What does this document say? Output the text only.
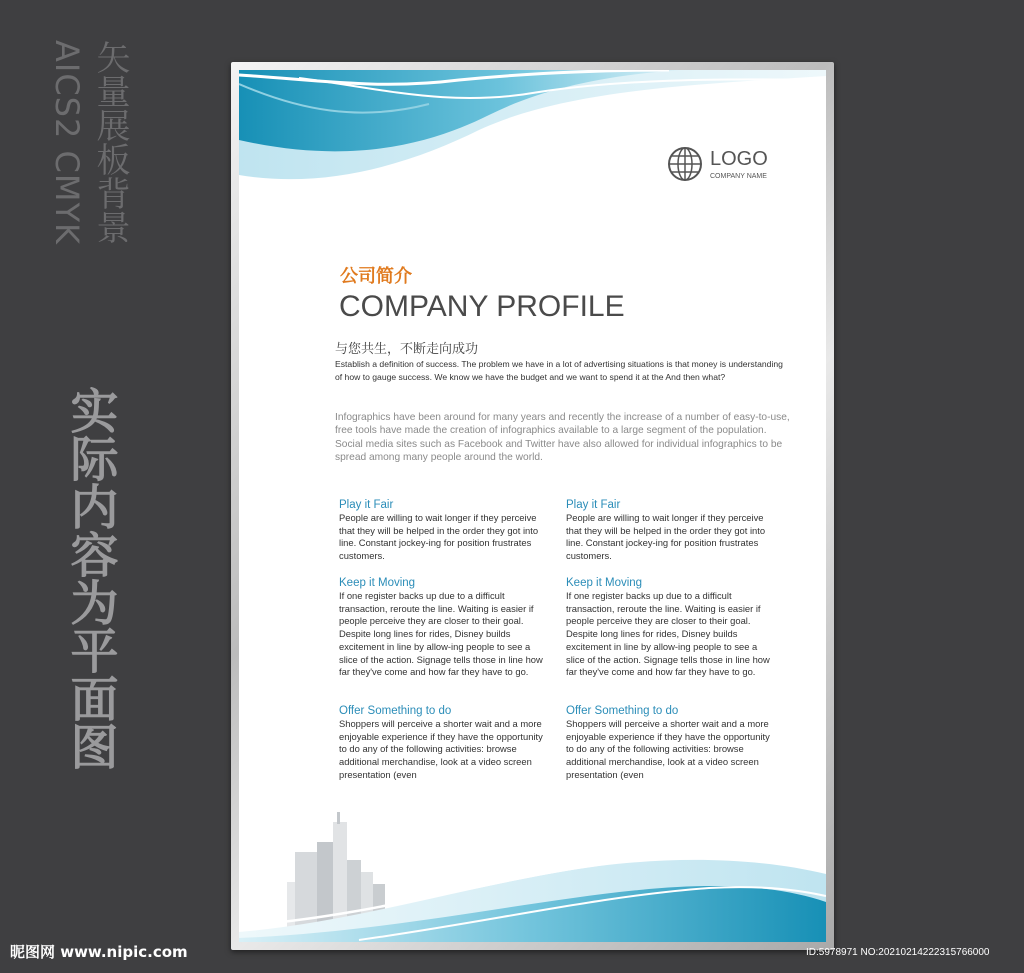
AICS2 CMYK 矢量展板背景
实际内容为平面图
LOGO
COMPANY NAME
公司简介
COMPANY PROFILE
与您共生，不断走向成功
Establish a definition of success. The problem we have in a lot of advertising situations is that money is understanding of how to gauge success. We know we have the budget and we want to spend it at the And then what?
Infographics have been around for many years and recently the increase of a number of easy-to-use, free tools have made the creation of infographics available to a large segment of the population. Social media sites such as Facebook and Twitter have also allowed for individual infographics to be spread among many people around the world.
Play it Fair
People are willing to wait longer if they perceive that they will be helped in the order they got into line. Constant jockey-ing for position frustrates customers.
Keep it Moving
If one register backs up due to a difficult transaction, reroute the line. Waiting is easier if people perceive they are closer to their goal. Despite long lines for rides, Disney builds excitement in line by allow-ing people to see a slice of the action. Signage tells those in line how far they've come and how far they have to go.
Offer Something to do
Shoppers will perceive a shorter wait and a more enjoyable experience if they have the opportunity to do any of the following activities: browse additional merchandise, look at a video screen presentation (even
Play it Fair
People are willing to wait longer if they perceive that they will be helped in the order they got into line. Constant jockey-ing for position frustrates customers.
Keep it Moving
If one register backs up due to a difficult transaction, reroute the line. Waiting is easier if people perceive they are closer to their goal. Despite long lines for rides, Disney builds excitement in line by allow-ing people to see a slice of the action. Signage tells those in line how far they've come and how far they have to go.
Offer Something to do
Shoppers will perceive a shorter wait and a more enjoyable experience if they have the opportunity to do any of the following activities: browse additional merchandise, look at a video screen presentation (even
昵图网 www.nipic.com	ID:5978971 NO:20210214222315766000
